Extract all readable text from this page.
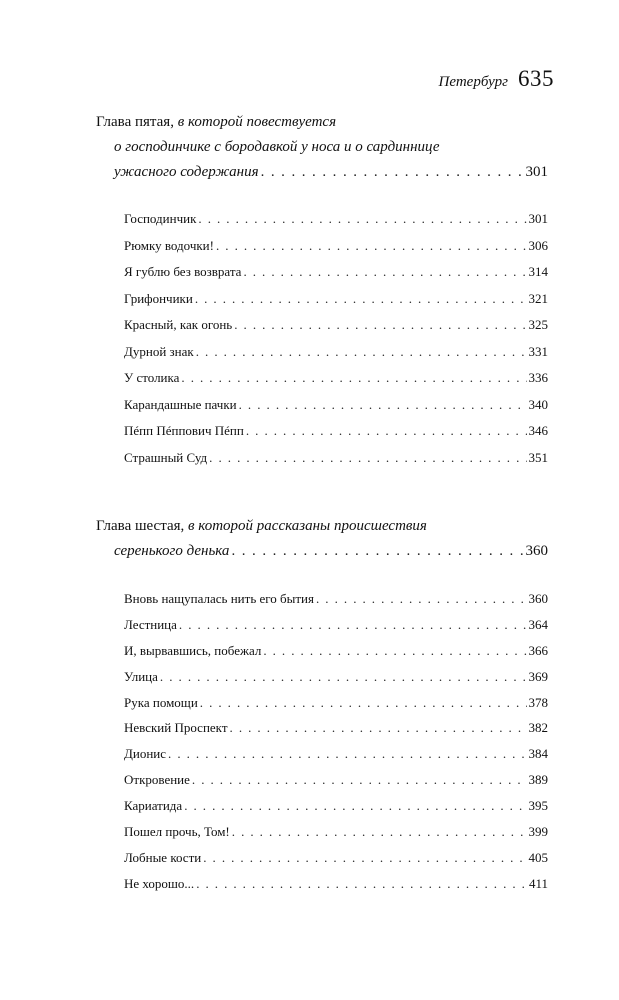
Петербург 635
Глава пятая, в которой повествуется
о господинчике с бородавкой у носа и о сардиннице
ужасного содержания . . .	301
Господинчик . . .	301
Рюмку водочки! . . .	306
Я гублю без возврата . . .	314
Грифончики . . .	321
Красный, как огонь . . .	325
Дурной знак . . .	331
У столика . . .	336
Карандашные пачки . . .	340
Пéпп Пéппович Пéпп . . .	346
Страшный Суд . . .	351
Глава шестая, в которой рассказаны происшествия
серенького денька . . .	360
Вновь нащупалась нить его бытия . . .	360
Лестница . . .	364
И, вырвавшись, побежал . . .	366
Улица . . .	369
Рука помощи . . .	378
Невский Проспект . . .	382
Дионис . . .	384
Откровение . . .	389
Кариатида . . .	395
Пошел прочь, Том! . . .	399
Лобные кости . . .	405
Не хорошо... . . .	411
